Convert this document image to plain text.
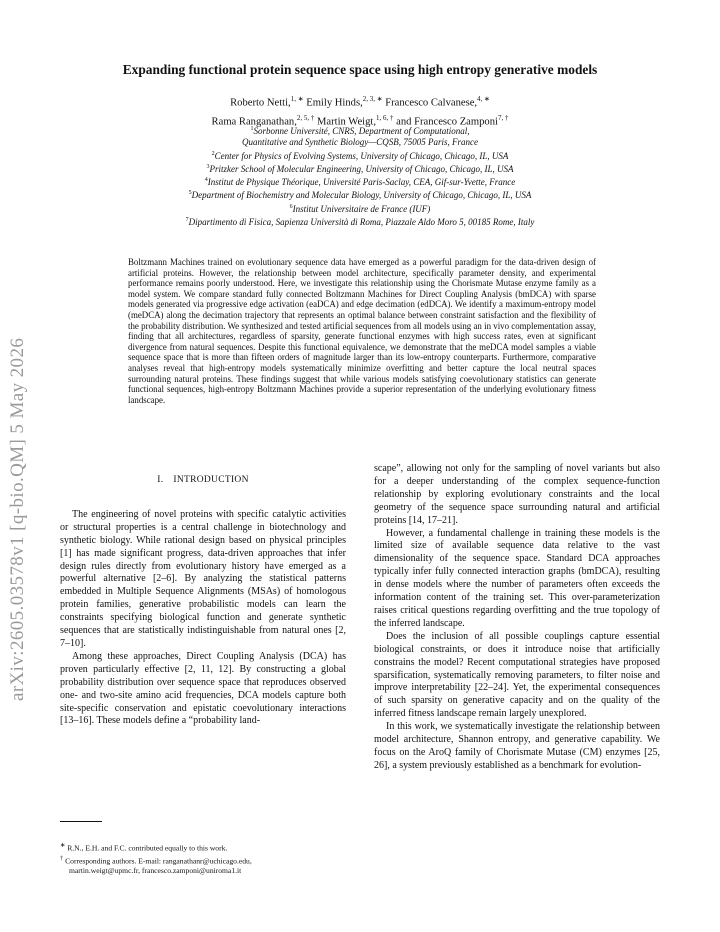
arXiv:2605.03578v1 [q-bio.QM] 5 May 2026
Expanding functional protein sequence space using high entropy generative models
Roberto Netti,$^{1, ∗}$ Emily Hinds,$^{2, 3, ∗}$ Francesco Calvanese,$^{4, ∗}$
Rama Ranganathan,$^{2, 5, \dagger}$ Martin Weigt,$^{1, 6, \dagger}$ and Francesco Zamponi$^{7, \dagger}$
$^1$Sorbonne Université, CNRS, Department of Computational,
Quantitative and Synthetic Biology—CQSB, 75005 Paris, France
$^2$Center for Physics of Evolving Systems, University of Chicago, Chicago, IL, USA
$^3$Pritzker School of Molecular Engineering, University of Chicago, Chicago, IL, USA
$^4$Institut de Physique Théorique, Université Paris-Saclay, CEA, Gif-sur-Yvette, France
$^5$Department of Biochemistry and Molecular Biology, University of Chicago, Chicago, IL, USA
$^6$Institut Universitaire de France (IUF)
$^7$Dipartimento di Fisica, Sapienza Università di Roma, Piazzale Aldo Moro 5, 00185 Rome, Italy
Boltzmann Machines trained on evolutionary sequence data have emerged as a powerful paradigm for the data-driven design of artificial proteins. However, the relationship between model architecture, specifically parameter density, and experimental performance remains poorly understood. Here, we investigate this relationship using the Chorismate Mutase enzyme family as a model system. We compare standard fully connected Boltzmann Machines for Direct Coupling Analysis (bmDCA) with sparse models generated via progressive edge activation (eaDCA) and edge decimation (edDCA). We identify a maximum-entropy model (meDCA) along the decimation trajectory that represents an optimal balance between constraint satisfaction and the flexibility of the probability distribution. We synthesized and tested artificial sequences from all models using an in vivo complementation assay, finding that all architectures, regardless of sparsity, generate functional enzymes with high success rates, even at significant divergence from natural sequences. Despite this functional equivalence, we demonstrate that the meDCA model samples a viable sequence space that is more than fifteen orders of magnitude larger than its low-entropy counterparts. Furthermore, comparative analyses reveal that high-entropy models systematically minimize overfitting and better capture the local neutral spaces surrounding natural proteins. These findings suggest that while various models satisfying coevolutionary statistics can generate functional sequences, high-entropy Boltzmann Machines provide a superior representation of the underlying evolutionary fitness landscape.
I. INTRODUCTION

The engineering of novel proteins with specific catalytic activities or structural properties is a central challenge in biotechnology and synthetic biology. While rational design based on physical principles [1] has made significant progress, data-driven approaches that infer design rules directly from evolutionary history have emerged as a powerful alternative [2–6]. By analyzing the statistical patterns embedded in Multiple Sequence Alignments (MSAs) of homologous protein families, generative probabilistic models can learn the constraints specifying biological function and generate synthetic sequences that are statistically indistinguishable from natural ones [2, 7–10].

Among these approaches, Direct Coupling Analysis (DCA) has proven particularly effective [2, 11, 12]. By constructing a global probability distribution over sequence space that reproduces observed one- and two-site amino acid frequencies, DCA models capture both site-specific conservation and epistatic coevolutionary interactions [13–16]. These models define a “probability land-

scape”, allowing not only for the sampling of novel variants but also for a deeper understanding of the complex sequence-function relationship by exploring evolutionary constraints and the local geometry of the sequence space surrounding natural and artificial proteins [14, 17–21].

However, a fundamental challenge in training these models is the limited size of available sequence data relative to the vast dimensionality of the sequence space. Standard DCA approaches typically infer fully connected interaction graphs (bmDCA), resulting in dense models where the number of parameters often exceeds the information content of the training set. This over-parameterization raises critical questions regarding overfitting and the true topology of the inferred landscape.

Does the inclusion of all possible couplings capture essential biological constraints, or does it introduce noise that artificially constrains the model? Recent computational strategies have proposed sparsification, systematically removing parameters, to filter noise and improve interpretability [22–24]. Yet, the experimental consequences of such sparsity on generative capacity and on the quality of the inferred fitness landscape remain largely unexplored.

In this work, we systematically investigate the relationship between model architecture, Shannon entropy, and generative capability. We focus on the AroQ family of Chorismate Mutase (CM) enzymes [25, 26], a system previously established as a benchmark for evolution-

∗ R.N., E.H. and F.C. contributed equally to this work.
† Corresponding authors. E-mail: ranganathanr@uchicago.edu,
martin.weigt@upmc.fr, francesco.zamponi@uniroma1.it
